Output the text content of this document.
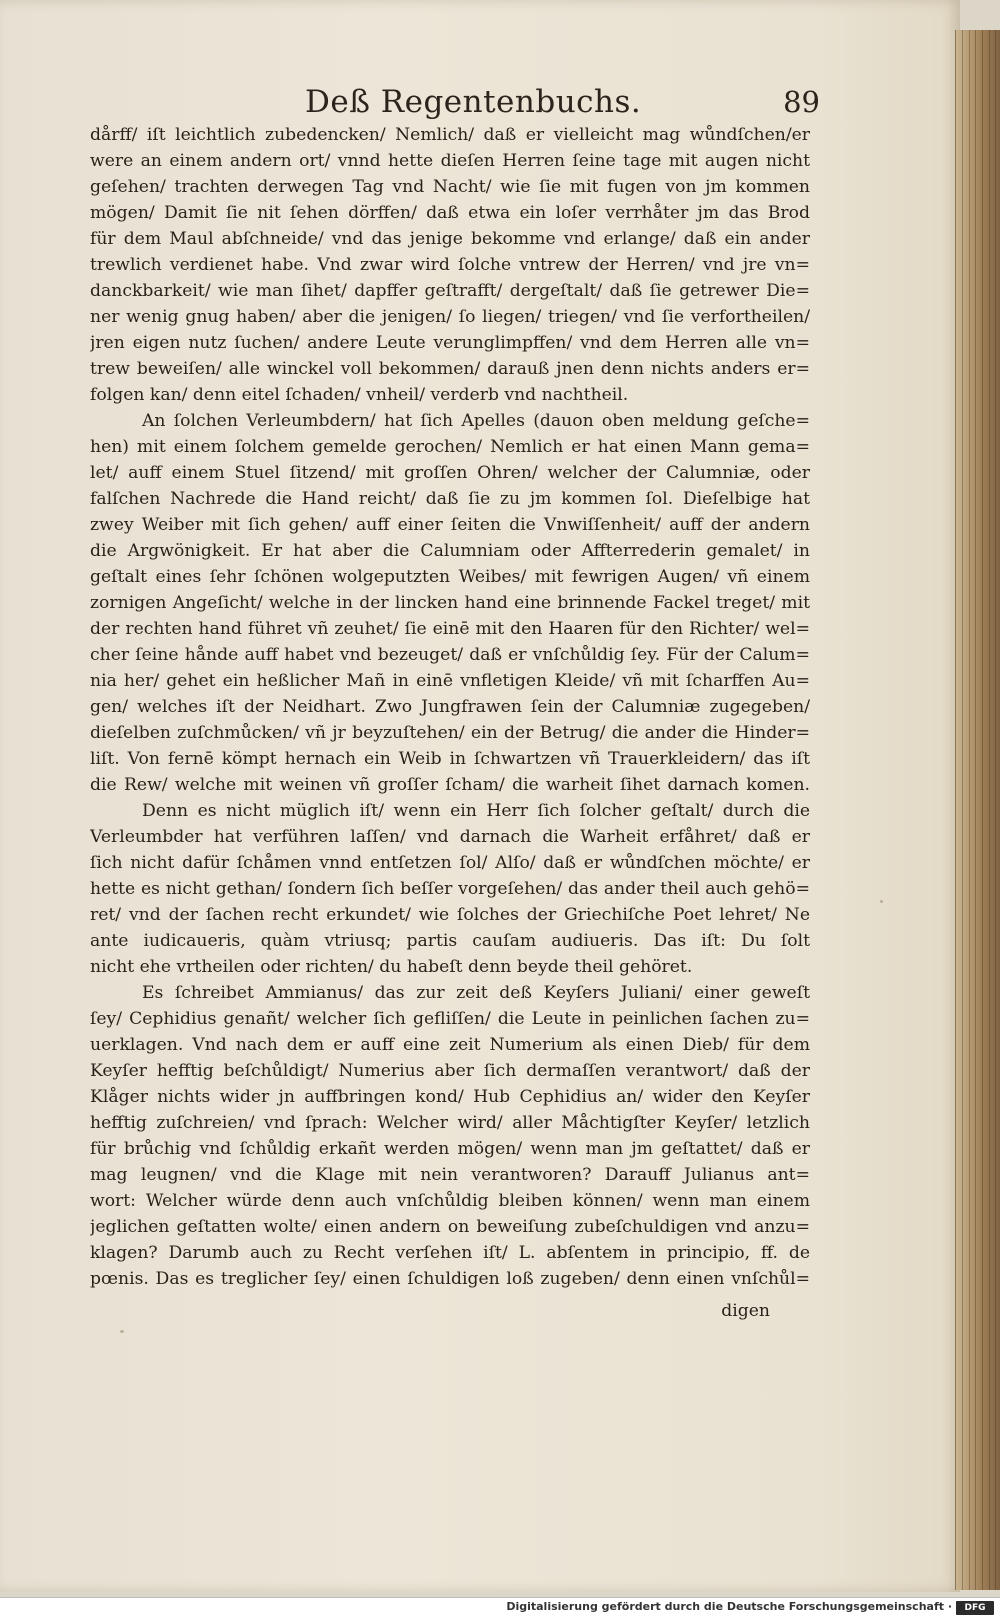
Deß Regentenbuchs.	89
dårff/ iſt leichtlich zubedencken/ Nemlich/ daß er vielleicht mag wůndſchen/er
were an einem andern ort/ vnnd hette dieſen Herren ſeine tage mit augen nicht
geſehen/ trachten derwegen Tag vnd Nacht/ wie ſie mit fugen von jm kommen
mögen/ Damit ſie nit ſehen dörffen/ daß etwa ein loſer verrhåter jm das Brod
für dem Maul abſchneide/ vnd das jenige bekomme vnd erlange/ daß ein ander
trewlich verdienet habe. Vnd zwar wird ſolche vntrew der Herren/ vnd jre vn=
danckbarkeit/ wie man ſihet/ dapffer geſtrafft/ dergeſtalt/ daß ſie getrewer Die=
ner wenig gnug haben/ aber die jenigen/ ſo liegen/ triegen/ vnd ſie verfortheilen/
jren eigen nutz ſuchen/ andere Leute verunglimpffen/ vnd dem Herren alle vn=
trew beweiſen/ alle winckel voll bekommen/ darauß jnen denn nichts anders er=
folgen kan/ denn eitel ſchaden/ vnheil/ verderb vnd nachtheil.
An ſolchen Verleumbdern/ hat ſich Apelles (dauon oben meldung geſche=
hen) mit einem ſolchem gemelde gerochen/ Nemlich er hat einen Mann gema=
let/ auff einem Stuel ſitzend/ mit groſſen Ohren/ welcher der Calumniæ, oder
falſchen Nachrede die Hand reicht/ daß ſie zu jm kommen ſol. Dieſelbige hat
zwey Weiber mit ſich gehen/ auff einer ſeiten die Vnwiſſenheit/ auff der andern
die Argwönigkeit. Er hat aber die Calumniam oder Affterrederin gemalet/ in
geſtalt eines ſehr ſchönen wolgeputzten Weibes/ mit fewrigen Augen/ vñ einem
zornigen Angeſicht/ welche in der lincken hand eine brinnende Fackel treget/ mit
der rechten hand führet vñ zeuhet/ ſie einē mit den Haaren für den Richter/ wel=
cher ſeine hånde auff habet vnd bezeuget/ daß er vnſchůldig ſey. Für der Calum=
nia her/ gehet ein heßlicher Mañ in einē vnfletigen Kleide/ vñ mit ſcharffen Au=
gen/ welches iſt der Neidhart. Zwo Jungfrawen ſein der Calumniæ zugegeben/
dieſelben zuſchmůcken/ vñ jr beyzuſtehen/ ein der Betrug/ die ander die Hinder=
liſt. Von fernē kömpt hernach ein Weib in ſchwartzen vñ Trauerkleidern/ das iſt
die Rew/ welche mit weinen vñ groſſer ſcham/ die warheit ſihet darnach komen.
Denn es nicht müglich iſt/ wenn ein Herr ſich ſolcher geſtalt/ durch die
Verleumbder hat verführen laſſen/ vnd darnach die Warheit erfåhret/ daß er
ſich nicht dafür ſchåmen vnnd entſetzen ſol/ Alſo/ daß er wůndſchen möchte/ er
hette es nicht gethan/ ſondern ſich beſſer vorgeſehen/ das ander theil auch gehö=
ret/ vnd der ſachen recht erkundet/ wie ſolches der Griechiſche Poet lehret/ Ne
ante iudicaueris, quàm vtriusq; partis cauſam audiueris. Das iſt: Du ſolt
nicht ehe vrtheilen oder richten/ du habeſt denn beyde theil gehöret.
Es ſchreibet Ammianus/ das zur zeit deß Keyſers Juliani/ einer geweſt
ſey/ Cephidius genañt/ welcher ſich gefliſſen/ die Leute in peinlichen ſachen zu=
uerklagen. Vnd nach dem er auff eine zeit Numerium als einen Dieb/ für dem
Keyſer hefftig beſchůldigt/ Numerius aber ſich dermaſſen verantwort/ daß der
Klåger nichts wider jn auffbringen kond/ Hub Cephidius an/ wider den Keyſer
hefftig zuſchreien/ vnd ſprach: Welcher wird/ aller Måchtigſter Keyſer/ letzlich
für brůchig vnd ſchůldig erkañt werden mögen/ wenn man jm geſtattet/ daß er
mag leugnen/ vnd die Klage mit nein verantworen? Darauff Julianus ant=
wort: Welcher würde denn auch vnſchůldig bleiben können/ wenn man einem
jeglichen geſtatten wolte/ einen andern on beweiſung zubeſchuldigen vnd anzu=
klagen? Darumb auch zu Recht verſehen iſt/ L. abſentem in principio, ff. de
pœnis. Das es treglicher ſey/ einen ſchuldigen loß zugeben/ denn einen vnſchůl=
digen
Digitalisierung gefördert durch die Deutsche Forschungsgemeinschaft ·	DFG
